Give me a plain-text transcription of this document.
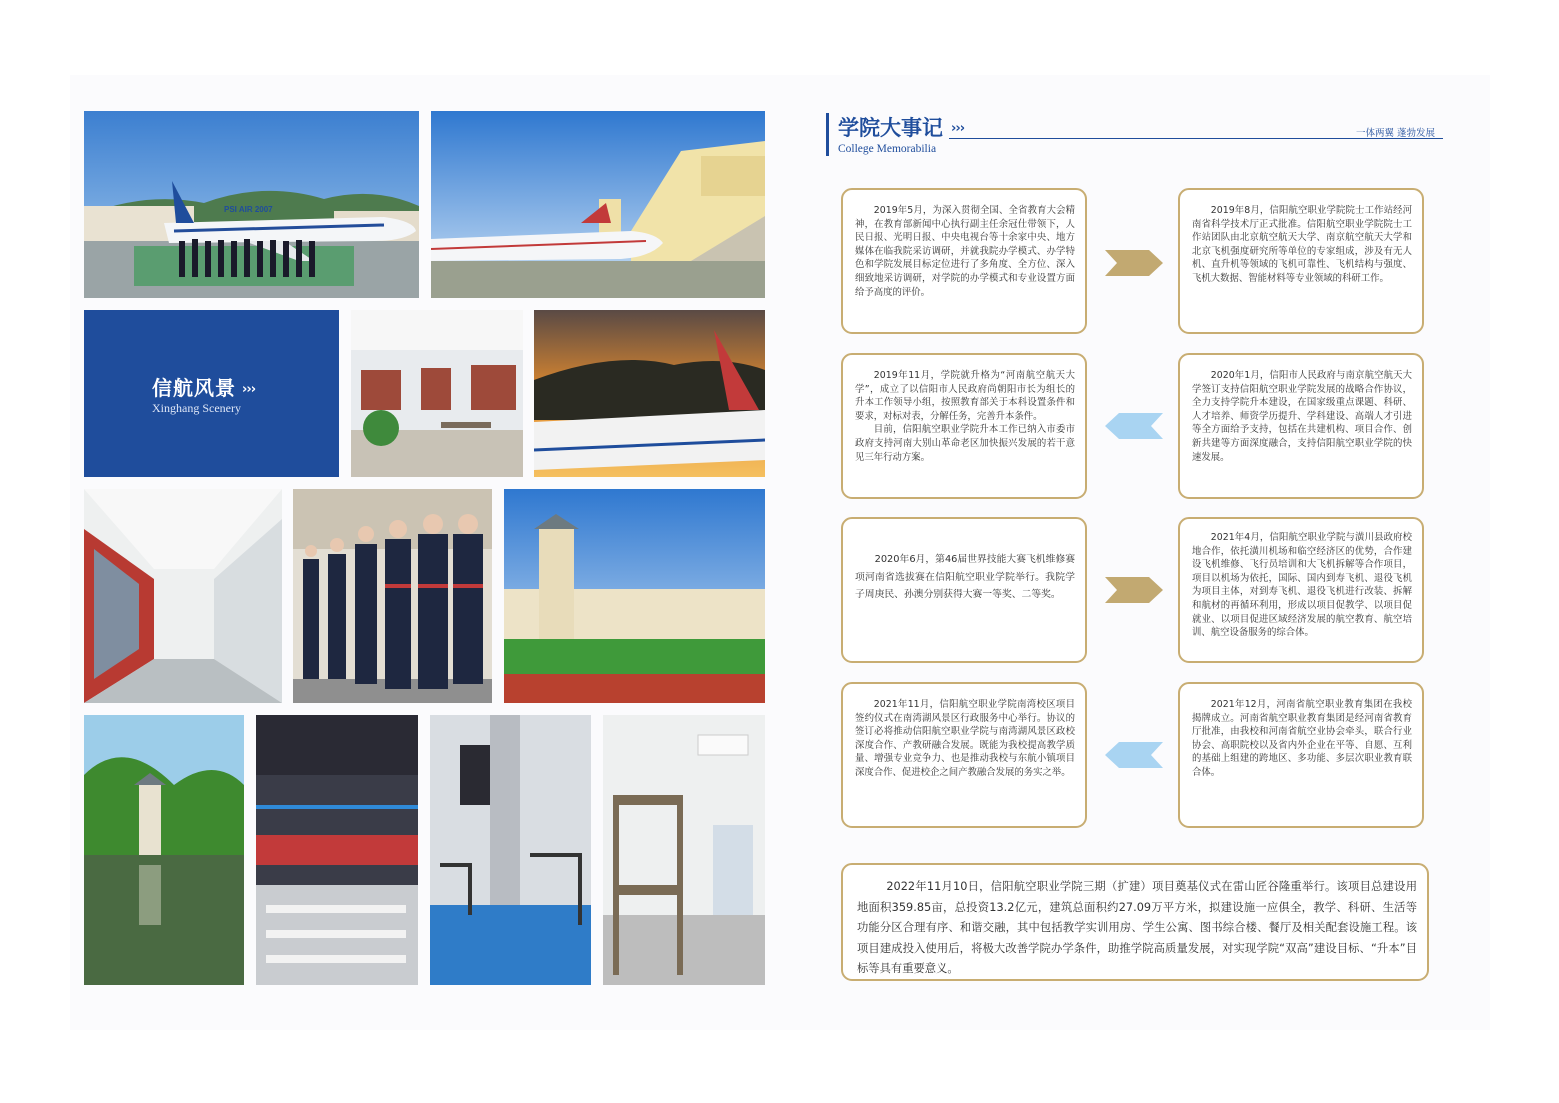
PSI AIR 2007
信航风景 ›››
Xinghang Scenery
学院大事记 ›››
College Memorabilia
一体两翼 蓬勃发展

2019年5月，为深入贯彻全国、全省教育大会精神，在教育部新闻中心执行副主任余冠仕带领下，人民日报、光明日报、中央电视台等十余家中央、地方媒体在临我院采访调研，并就我院办学模式、办学特色和学院发展目标定位进行了多角度、全方位、深入细致地采访调研，对学院的办学模式和专业设置方面给予高度的评价。

2019年8月，信阳航空职业学院院士工作站经河南省科学技术厅正式批准。信阳航空职业学院院士工作站团队由北京航空航天大学、南京航空航天大学和北京飞机强度研究所等单位的专家组成，涉及有无人机、直升机等领域的飞机可靠性、飞机结构与强度、飞机大数据、智能材料等专业领域的科研工作。

2019年11月，学院就升格为“河南航空航天大学”，成立了以信阳市人民政府尚朝阳市长为组长的升本工作领导小组，按照教育部关于本科设置条件和要求，对标对表，分解任务，完善升本条件。

目前，信阳航空职业学院升本工作已纳入市委市政府支持河南大别山革命老区加快振兴发展的若干意见三年行动方案。

2020年1月，信阳市人民政府与南京航空航天大学签订支持信阳航空职业学院发展的战略合作协议，全力支持学院升本建设，在国家级重点课题、科研、人才培养、师资学历提升、学科建设、高端人才引进等全方面给予支持，包括在共建机构、项目合作、创新共建等方面深度融合，支持信阳航空职业学院的快速发展。

2020年6月，第46届世界技能大赛飞机维修赛项河南省选拔赛在信阳航空职业学院举行。我院学子周庚民、孙澳分别获得大赛一等奖、二等奖。

2021年4月，信阳航空职业学院与潢川县政府校地合作，依托潢川机场和临空经济区的优势，合作建设飞机维修、飞行员培训和大飞机拆解等合作项目，项目以机场为依托，国际、国内到寿飞机、退役飞机为项目主体，对到寿飞机、退役飞机进行改装、拆解和航材的再循环利用，形成以项目促教学、以项目促就业、以项目促进区域经济发展的航空教育、航空培训、航空设备服务的综合体。

2021年11月，信阳航空职业学院南湾校区项目签约仪式在南湾湖风景区行政服务中心举行。协议的签订必将推动信阳航空职业学院与南湾湖风景区政校深度合作、产教研融合发展。既能为我校提高教学质量、增强专业竞争力、也是推动我校与东航小镇项目深度合作、促进校企之间产教融合发展的务实之举。

2021年12月，河南省航空职业教育集团在我校揭牌成立。河南省航空职业教育集团是经河南省教育厅批准，由我校和河南省航空业协会牵头，联合行业协会、高职院校以及省内外企业在平等、自愿、互利的基础上组建的跨地区、多功能、多层次职业教育联合体。

2022年11月10日，信阳航空职业学院三期（扩建）项目奠基仪式在雷山匠谷隆重举行。该项目总建设用地面积359.85亩，总投资13.2亿元，建筑总面积约27.09万平方米，拟建设施一应俱全，教学、科研、生活等功能分区合理有序、和谐交融，其中包括教学实训用房、学生公寓、图书综合楼、餐厅及相关配套设施工程。该项目建成投入使用后，将极大改善学院办学条件，助推学院高质量发展，对实现学院“双高”建设目标、“升本”目标等具有重要意义。
